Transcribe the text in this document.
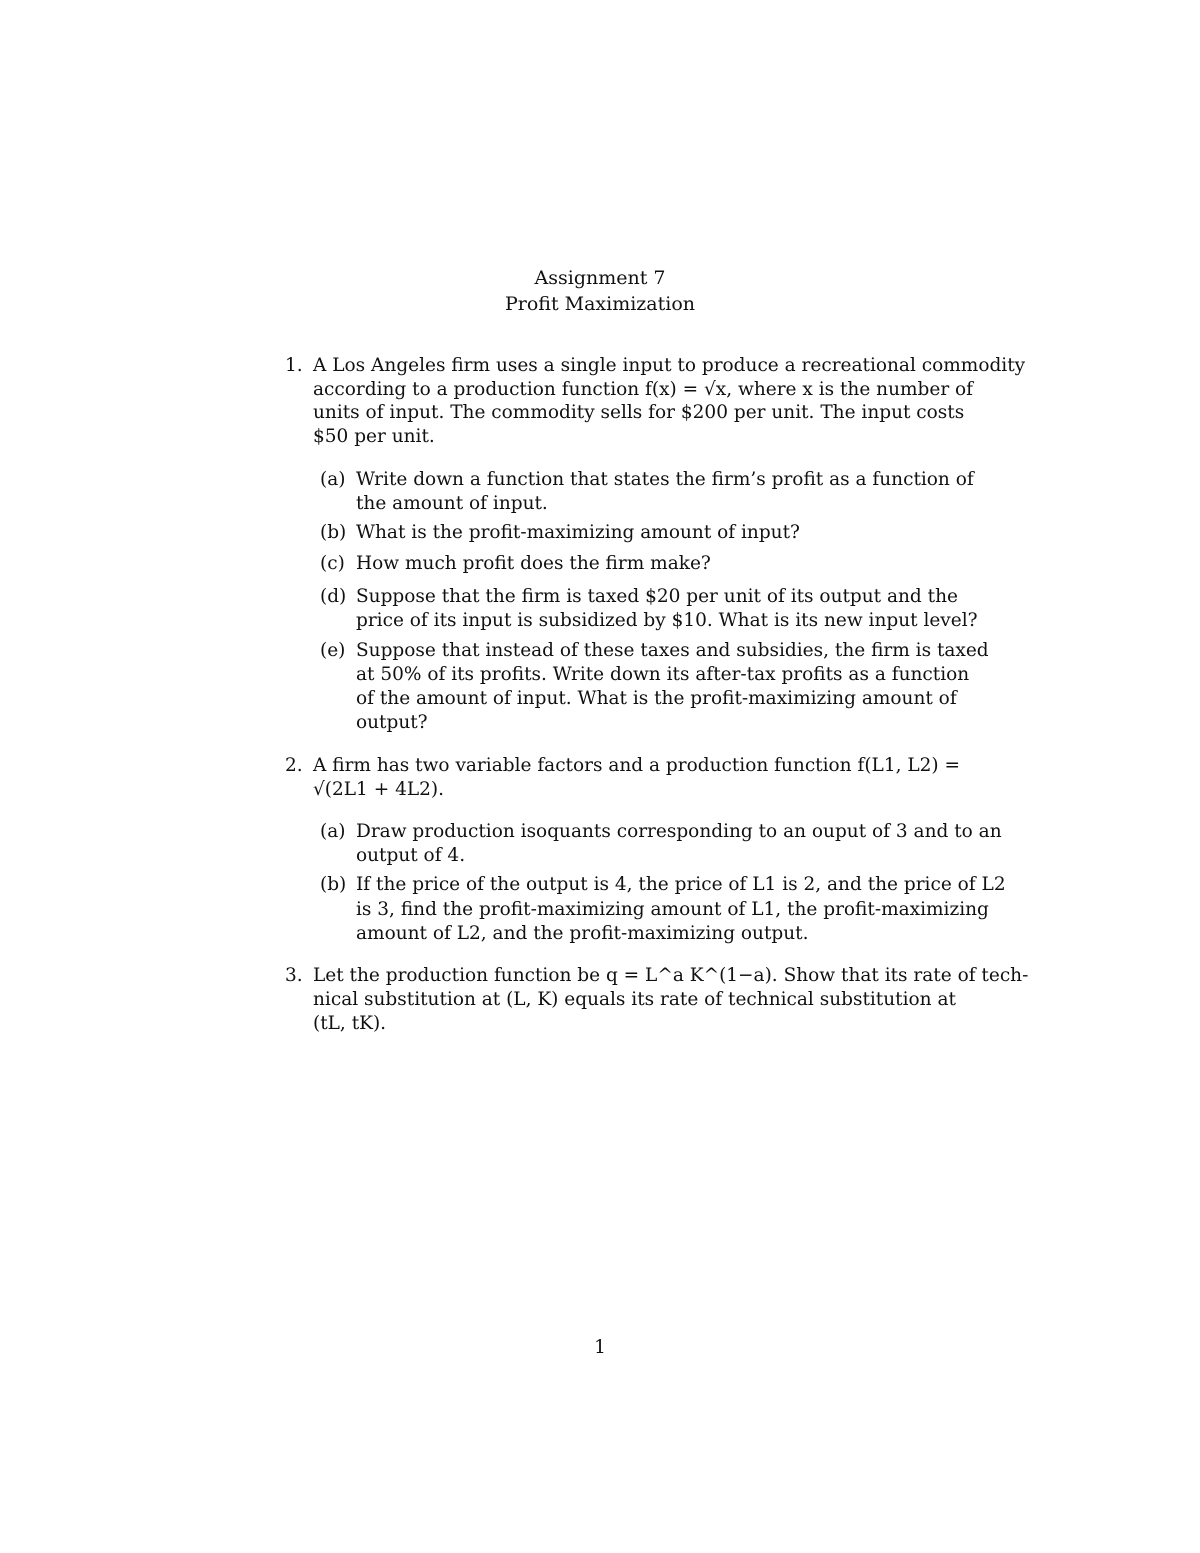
Assignment 7
Profit Maximization
1. A Los Angeles firm uses a single input to produce a recreational commodity
according to a production function f(x) = √x, where x is the number of
units of input. The commodity sells for $200 per unit. The input costs
$50 per unit.
(a) Write down a function that states the firm’s profit as a function of
the amount of input.
(b) What is the profit-maximizing amount of input?
(c) How much profit does the firm make?
(d) Suppose that the firm is taxed $20 per unit of its output and the
price of its input is subsidized by $10. What is its new input level?
(e) Suppose that instead of these taxes and subsidies, the firm is taxed
at 50% of its profits. Write down its after-tax profits as a function
of the amount of input. What is the profit-maximizing amount of
output?
2. A firm has two variable factors and a production function f(L1, L2) =
√(2L1 + 4L2).
(a) Draw production isoquants corresponding to an ouput of 3 and to an
output of 4.
(b) If the price of the output is 4, the price of L1 is 2, and the price of L2
is 3, find the profit-maximizing amount of L1, the profit-maximizing
amount of L2, and the profit-maximizing output.
3. Let the production function be q = L^a K^(1−a). Show that its rate of tech-
nical substitution at (L, K) equals its rate of technical substitution at
(tL, tK).
1
